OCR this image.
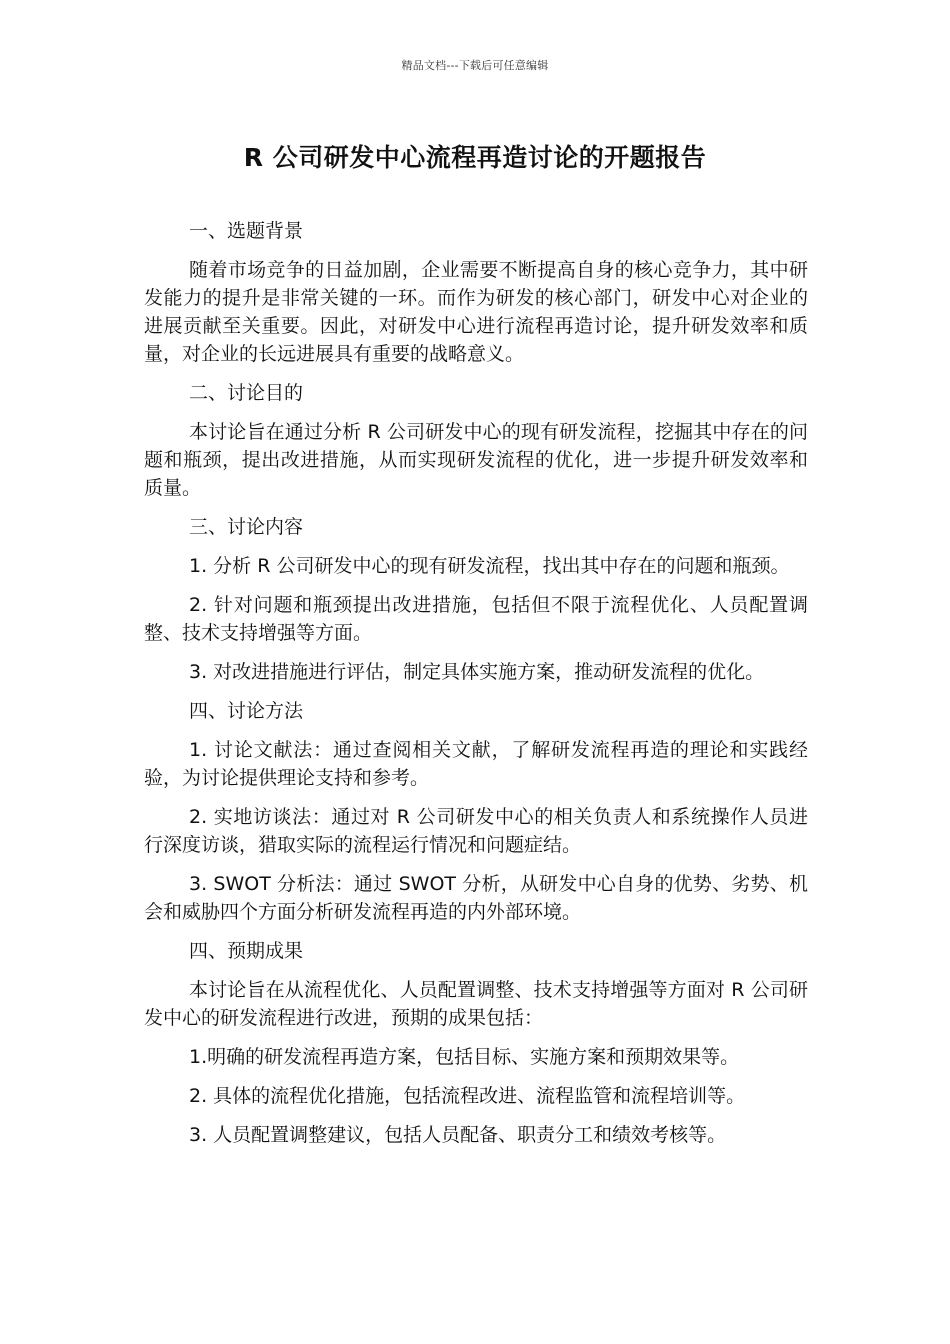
精品文档---下载后可任意编辑
R 公司研发中心流程再造讨论的开题报告

一、选题背景

随着市场竞争的日益加剧，企业需要不断提高自身的核心竞争力，其中研发能力的提升是非常关键的一环。而作为研发的核心部门，研发中心对企业的进展贡献至关重要。因此，对研发中心进行流程再造讨论，提升研发效率和质量，对企业的长远进展具有重要的战略意义。

二、讨论目的

本讨论旨在通过分析 R 公司研发中心的现有研发流程，挖掘其中存在的问题和瓶颈，提出改进措施，从而实现研发流程的优化，进一步提升研发效率和质量。

三、讨论内容

1. 分析 R 公司研发中心的现有研发流程，找出其中存在的问题和瓶颈。

2. 针对问题和瓶颈提出改进措施，包括但不限于流程优化、人员配置调整、技术支持增强等方面。

3. 对改进措施进行评估，制定具体实施方案，推动研发流程的优化。

四、讨论方法

1. 讨论文献法：通过查阅相关文献，了解研发流程再造的理论和实践经验，为讨论提供理论支持和参考。

2. 实地访谈法：通过对 R 公司研发中心的相关负责人和系统操作人员进行深度访谈，猎取实际的流程运行情况和问题症结。

3. SWOT 分析法：通过 SWOT 分析，从研发中心自身的优势、劣势、机会和威胁四个方面分析研发流程再造的内外部环境。

四、预期成果

本讨论旨在从流程优化、人员配置调整、技术支持增强等方面对 R 公司研发中心的研发流程进行改进，预期的成果包括：

1.明确的研发流程再造方案，包括目标、实施方案和预期效果等。

2. 具体的流程优化措施，包括流程改进、流程监管和流程培训等。

3. 人员配置调整建议，包括人员配备、职责分工和绩效考核等。
